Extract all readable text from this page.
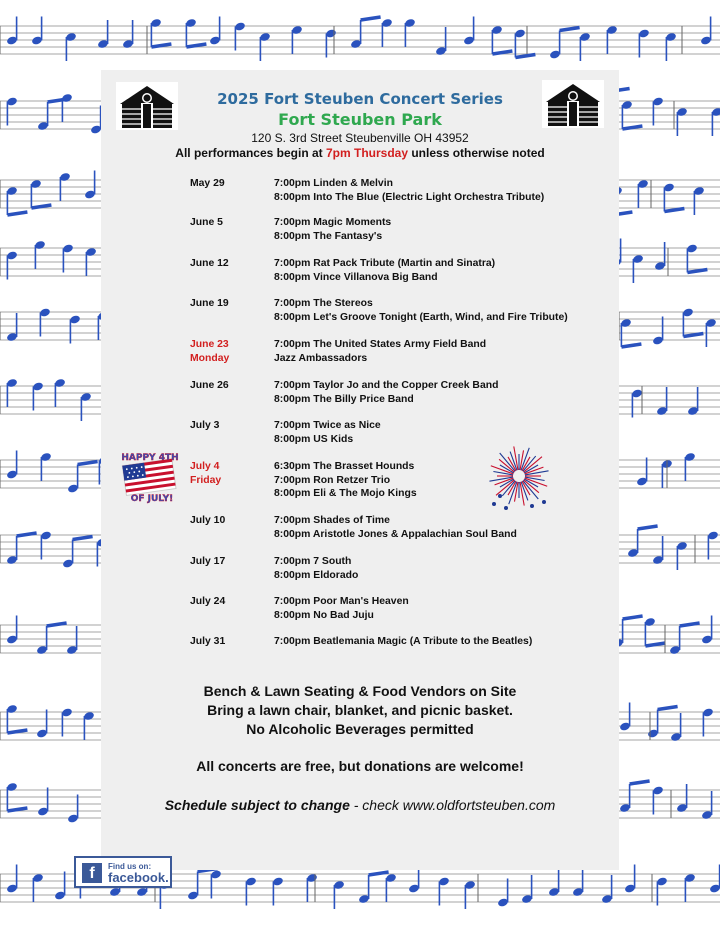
2025 Fort Steuben Concert Series
Fort Steuben Park
120 S. 3rd Street Steubenville OH 43952
All performances begin at 7pm Thursday unless otherwise noted
May 29	7:00pm Linden & Melvin
8:00pm Into The Blue (Electric Light Orchestra Tribute)
June 5	7:00pm Magic Moments
8:00pm The Fantasy's
June 12	7:00pm Rat Pack Tribute (Martin and Sinatra)
8:00pm Vince Villanova Big Band
June 19	7:00pm The Stereos
8:00pm Let's Groove Tonight (Earth, Wind, and Fire Tribute)
June 23
Monday
7:00pm The United States Army Field Band
Jazz Ambassadors
June 26	7:00pm Taylor Jo and the Copper Creek Band
8:00pm The Billy Price Band
July 3	7:00pm Twice as Nice
8:00pm US Kids
July 4
Friday
6:30pm The Brasset Hounds
7:00pm Ron Retzer Trio
8:00pm Eli & The Mojo Kings
July 10	7:00pm Shades of Time
8:00pm Aristotle Jones & Appalachian Soul Band
July 17	7:00pm 7 South
8:00pm Eldorado
July 24	7:00pm Poor Man's Heaven
8:00pm No Bad Juju
July 31	7:00pm Beatlemania Magic (A Tribute to the Beatles)
Bench & Lawn Seating & Food Vendors on Site
Bring a lawn chair, blanket, and picnic basket.
No Alcoholic Beverages permitted
All concerts are free, but donations are welcome!
Schedule subject to change - check www.oldfortsteuben.com
HAPPY 4TH
OF JULY!
f	Find us on:
facebook.
